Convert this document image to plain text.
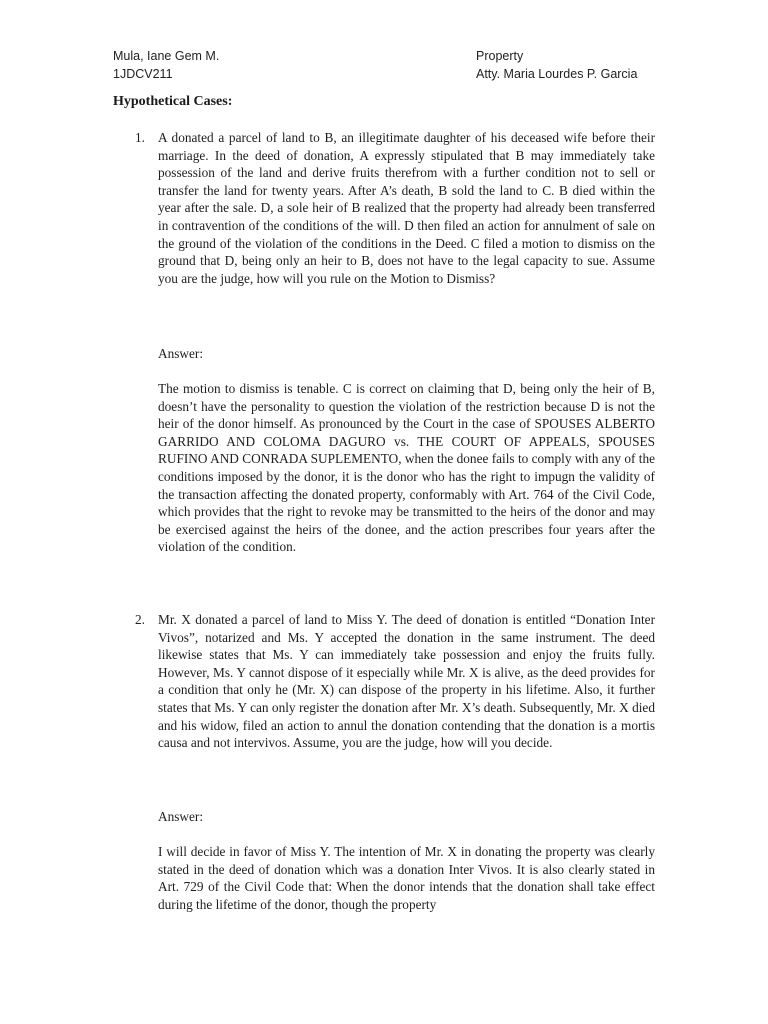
Mula, Iane Gem M.
1JDCV211
Property
Atty. Maria Lourdes P. Garcia
Hypothetical Cases:
1. A donated a parcel of land to B, an illegitimate daughter of his deceased wife before their marriage. In the deed of donation, A expressly stipulated that B may immediately take possession of the land and derive fruits therefrom with a further condition not to sell or transfer the land for twenty years. After A’s death, B sold the land to C. B died within the year after the sale. D, a sole heir of B realized that the property had already been transferred in contravention of the conditions of the will. D then filed an action for annulment of sale on the ground of the violation of the conditions in the Deed. C filed a motion to dismiss on the ground that D, being only an heir to B, does not have to the legal capacity to sue. Assume you are the judge, how will you rule on the Motion to Dismiss?

Answer:

The motion to dismiss is tenable. C is correct on claiming that D, being only the heir of B, doesn’t have the personality to question the violation of the restriction because D is not the heir of the donor himself. As pronounced by the Court in the case of SPOUSES ALBERTO GARRIDO AND COLOMA DAGURO vs. THE COURT OF APPEALS, SPOUSES RUFINO AND CONRADA SUPLEMENTO, when the donee fails to comply with any of the conditions imposed by the donor, it is the donor who has the right to impugn the validity of the transaction affecting the donated property, conformably with Art. 764 of the Civil Code, which provides that the right to revoke may be transmitted to the heirs of the donor and may be exercised against the heirs of the donee, and the action prescribes four years after the violation of the condition.

2. Mr. X donated a parcel of land to Miss Y. The deed of donation is entitled “Donation Inter Vivos”, notarized and Ms. Y accepted the donation in the same instrument. The deed likewise states that Ms. Y can immediately take possession and enjoy the fruits fully. However, Ms. Y cannot dispose of it especially while Mr. X is alive, as the deed provides for a condition that only he (Mr. X) can dispose of the property in his lifetime. Also, it further states that Ms. Y can only register the donation after Mr. X’s death. Subsequently, Mr. X died and his widow, filed an action to annul the donation contending that the donation is a mortis causa and not intervivos. Assume, you are the judge, how will you decide.

Answer:

I will decide in favor of Miss Y. The intention of Mr. X in donating the property was clearly stated in the deed of donation which was a donation Inter Vivos. It is also clearly stated in Art. 729 of the Civil Code that: When the donor intends that the donation shall take effect during the lifetime of the donor, though the property
